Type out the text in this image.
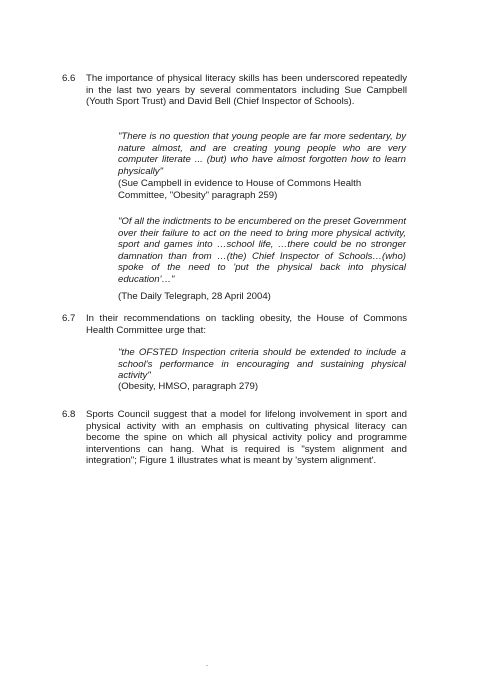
6.6 The importance of physical literacy skills has been underscored repeatedly in the last two years by several commentators including Sue Campbell (Youth Sport Trust) and David Bell (Chief Inspector of Schools).
"There is no question that young people are far more sedentary, by nature almost, and are creating young people who are very computer literate ... (but) who have almost forgotten how to learn physically"
(Sue Campbell in evidence to House of Commons Health Committee, "Obesity" paragraph 259)
"Of all the indictments to be encumbered on the preset Government over their failure to act on the need to bring more physical activity, sport and games into …school life, …there could be no stronger damnation than from …(the) Chief Inspector of Schools…(who) spoke of the need to 'put the physical back into physical education'…"
(The Daily Telegraph, 28 April 2004)
6.7 In their recommendations on tackling obesity, the House of Commons Health Committee urge that:
"the OFSTED Inspection criteria should be extended to include a school's performance in encouraging and sustaining physical activity"
(Obesity, HMSO, paragraph 279)
6.8 Sports Council suggest that a model for lifelong involvement in sport and physical activity with an emphasis on cultivating physical literacy can become the spine on which all physical activity policy and programme interventions can hang. What is required is "system alignment and integration"; Figure 1 illustrates what is meant by 'system alignment'.
